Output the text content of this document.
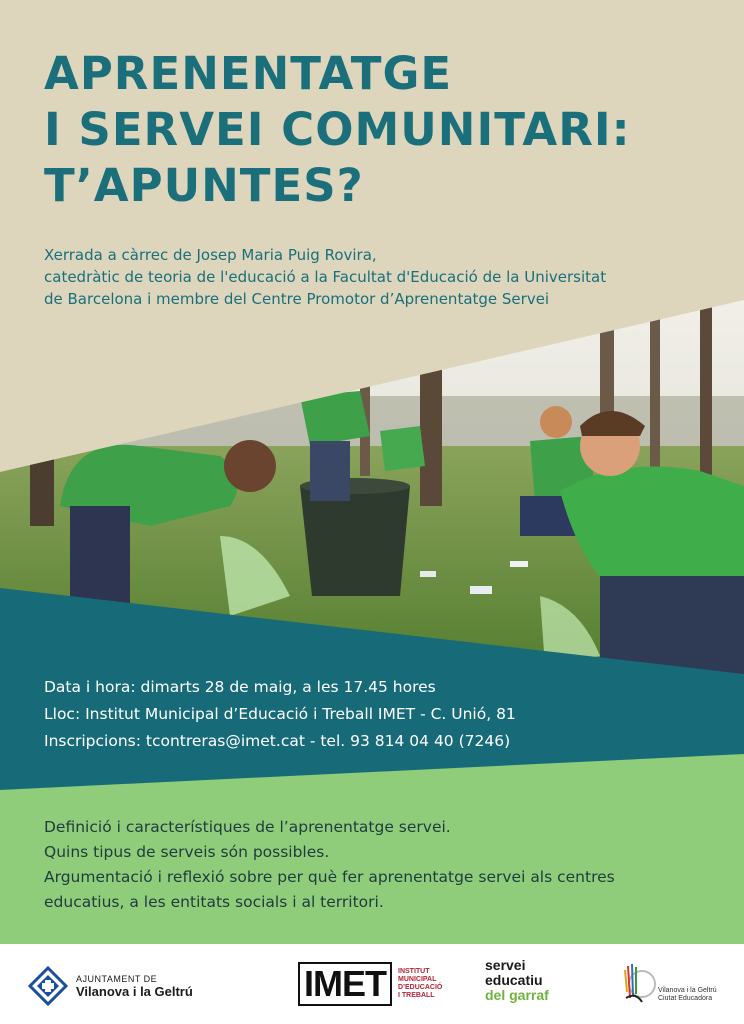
APRENENTATGE
I SERVEI COMUNITARI:
T’APUNTES?
Xerrada a càrrec de Josep Maria Puig Rovira,
catedràtic de teoria de l'educació a la Facultat d'Educació de la Universitat
de Barcelona i membre del Centre Promotor d’Aprenentatge Servei
Data i hora: dimarts 28 de maig, a les 17.45 hores
Lloc: Institut Municipal d’Educació i Treball IMET - C. Unió, 81
Inscripcions: tcontreras@imet.cat - tel. 93 814 04 40 (7246)
Definició i característiques de l’aprenentatge servei.
Quins tipus de serveis són possibles.
Argumentació i reflexió sobre per què fer aprenentatge servei als centres
educatius, a les entitats socials i al territori.
AJUNTAMENT DE
Vilanova i la Geltrú	IMET	INSTITUT
MUNICIPAL
D’EDUCACIÓ
I TREBALL
servei
educatiu
del garraf	Vilanova i la Geltrú
Ciutat Educadora
